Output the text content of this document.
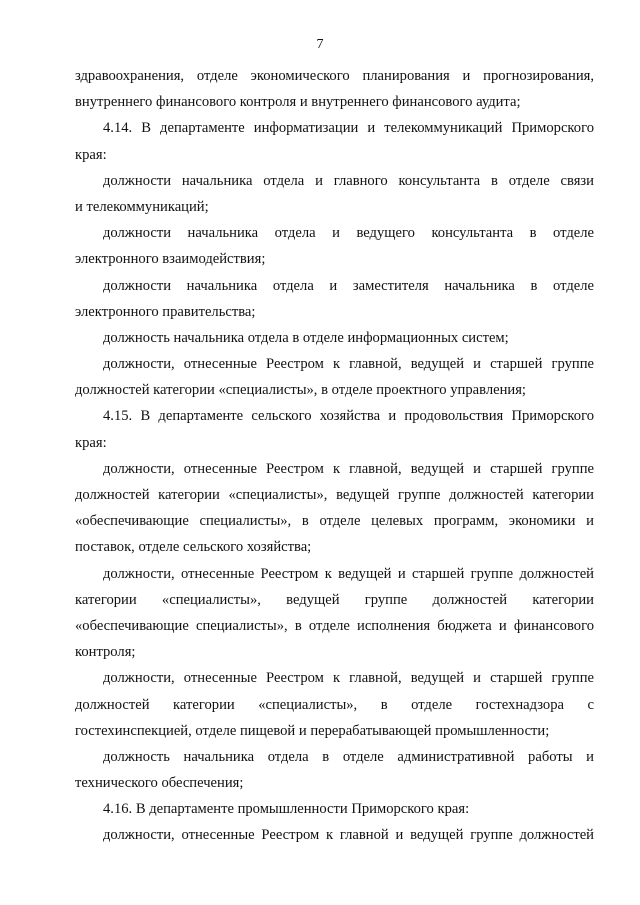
7
здравоохранения, отделе экономического планирования и прогнозирования,
внутреннего финансового контроля и внутреннего финансового аудита;
4.14. В департаменте информатизации и телекоммуникаций Приморского
края:
должности начальника отдела и главного консультанта в отделе связи
и телекоммуникаций;
должности начальника отдела и ведущего консультанта в отделе
электронного взаимодействия;
должности начальника отдела и заместителя начальника в отделе
электронного правительства;
должность начальника отдела в отделе информационных систем;
должности, отнесенные Реестром к главной, ведущей и старшей группе
должностей категории «специалисты», в отделе проектного управления;
4.15. В департаменте сельского хозяйства и продовольствия Приморского
края:
должности, отнесенные Реестром к главной, ведущей и старшей группе
должностей категории «специалисты», ведущей группе должностей категории
«обеспечивающие специалисты», в отделе целевых программ, экономики и
поставок, отделе сельского хозяйства;
должности, отнесенные Реестром к ведущей и старшей группе должностей
категории «специалисты», ведущей группе должностей категории
«обеспечивающие специалисты», в отделе исполнения бюджета и финансового
контроля;
должности, отнесенные Реестром к главной, ведущей и старшей группе
должностей категории «специалисты», в отделе гостехнадзора с
гостехинспекцией, отделе пищевой и перерабатывающей промышленности;
должность начальника отдела в отделе административной работы и
технического обеспечения;
4.16. В департаменте промышленности Приморского края:
должности, отнесенные Реестром к главной и ведущей группе должностей
